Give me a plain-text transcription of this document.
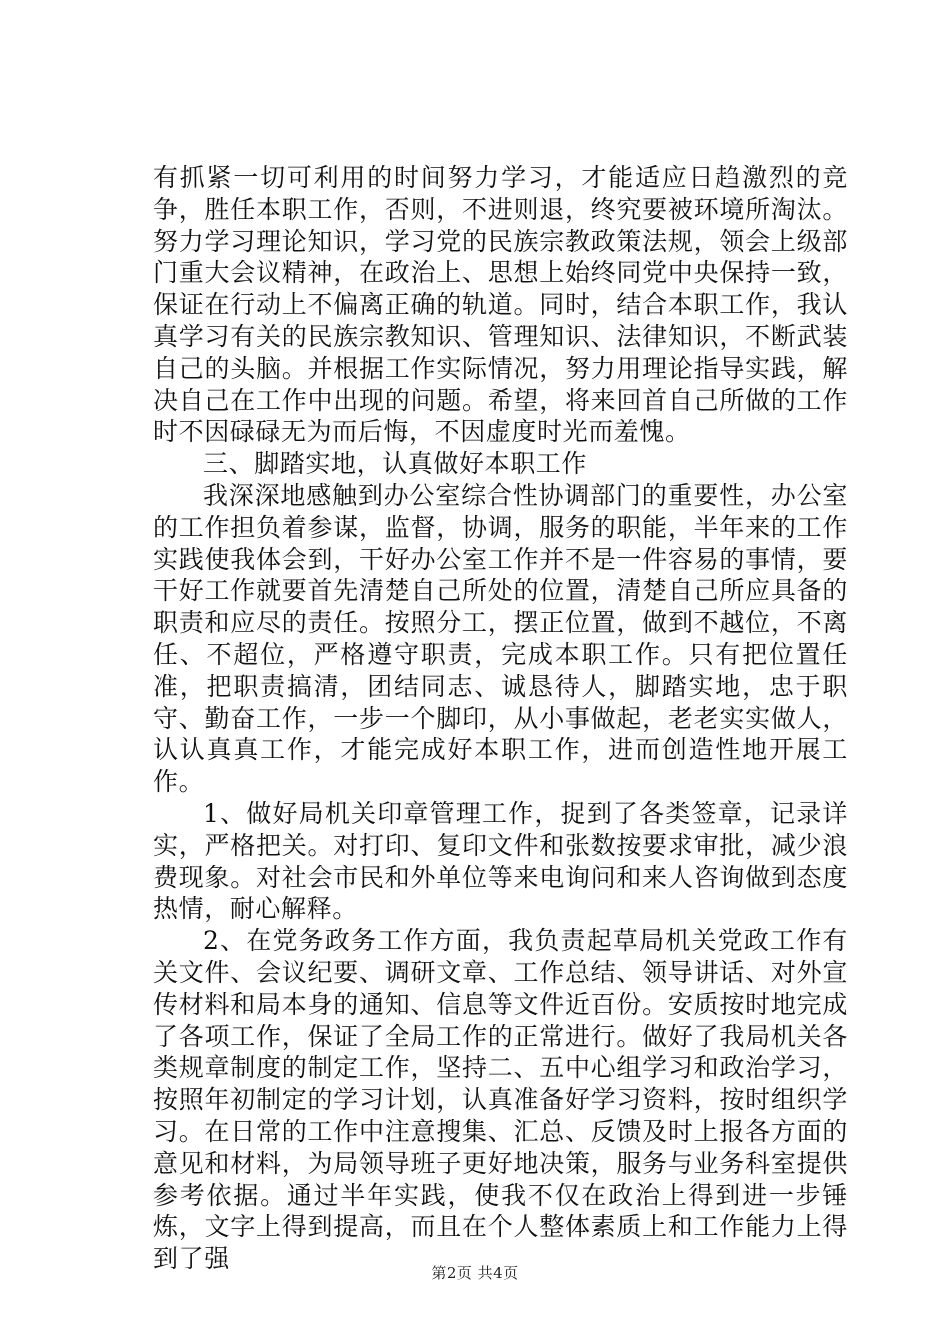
有抓紧一切可利用的时间努力学习，才能适应日趋激烈的竞争，胜任本职工作，否则，不进则退，终究要被环境所淘汰。努力学习理论知识，学习党的民族宗教政策法规，领会上级部门重大会议精神，在政治上、思想上始终同党中央保持一致，保证在行动上不偏离正确的轨道。同时，结合本职工作，我认真学习有关的民族宗教知识、管理知识、法律知识，不断武装自己的头脑。并根据工作实际情况，努力用理论指导实践，解决自己在工作中出现的问题。希望，将来回首自己所做的工作时不因碌碌无为而后悔，不因虚度时光而羞愧。

三、脚踏实地，认真做好本职工作

我深深地感触到办公室综合性协调部门的重要性，办公室的工作担负着参谋，监督，协调，服务的职能，半年来的工作实践使我体会到，干好办公室工作并不是一件容易的事情，要干好工作就要首先清楚自己所处的位置，清楚自己所应具备的职责和应尽的责任。按照分工，摆正位置，做到不越位，不离任、不超位，严格遵守职责，完成本职工作。只有把位置任准，把职责搞清，团结同志、诚恳待人，脚踏实地，忠于职守、勤奋工作，一步一个脚印，从小事做起，老老实实做人，认认真真工作，才能完成好本职工作，进而创造性地开展工作。

1、做好局机关印章管理工作，捉到了各类签章，记录详实，严格把关。对打印、复印文件和张数按要求审批，减少浪费现象。对社会市民和外单位等来电询问和来人咨询做到态度热情，耐心解释。

2、在党务政务工作方面，我负责起草局机关党政工作有关文件、会议纪要、调研文章、工作总结、领导讲话、对外宣传材料和局本身的通知、信息等文件近百份。安质按时地完成了各项工作，保证了全局工作的正常进行。做好了我局机关各类规章制度的制定工作，坚持二、五中心组学习和政治学习，按照年初制定的学习计划，认真准备好学习资料，按时组织学习。在日常的工作中注意搜集、汇总、反馈及时上报各方面的意见和材料，为局领导班子更好地决策，服务与业务科室提供参考依据。通过半年实践，使我不仅在政治上得到进一步锤炼，文字上得到提高，而且在个人整体素质上和工作能力上得到了强	第2页 共4页
